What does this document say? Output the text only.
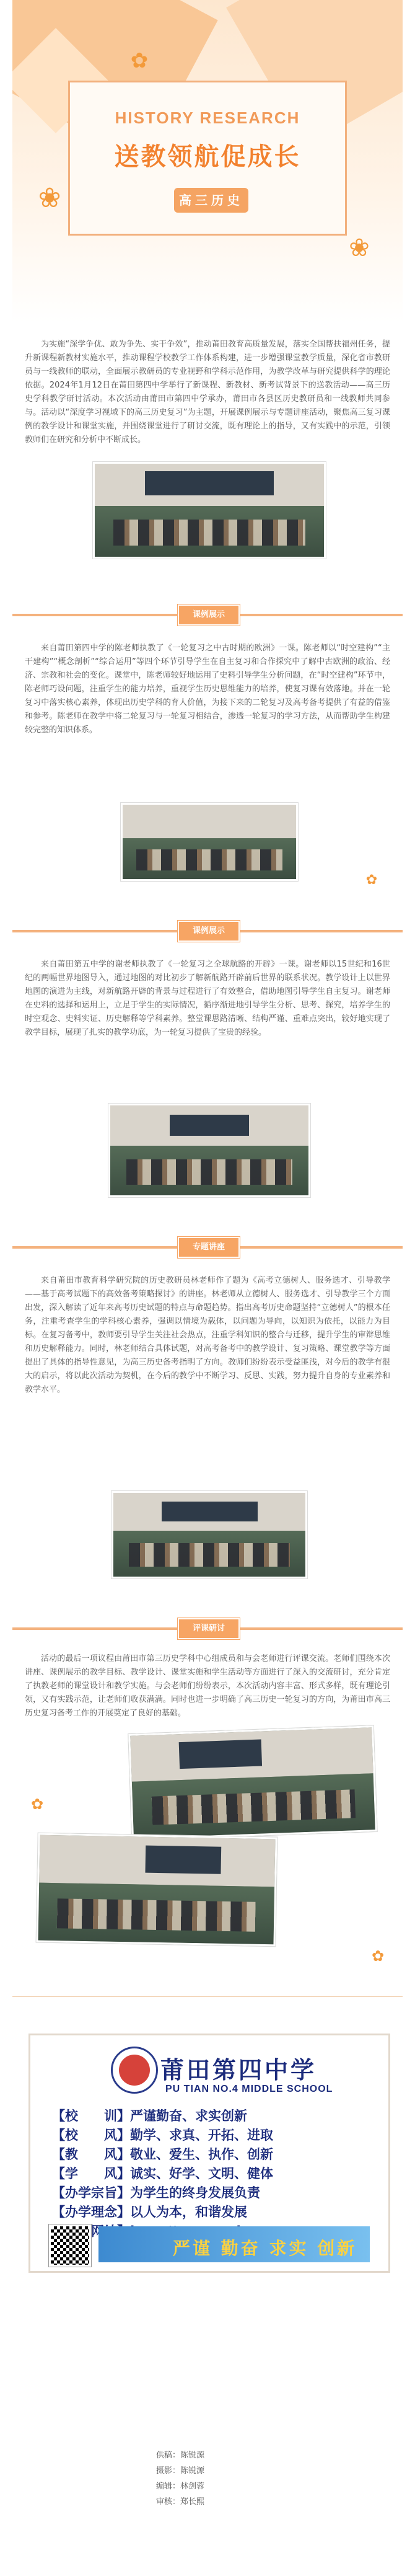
✿
❀
❀
HISTORY RESEARCH
送教领航促成长
高三历史
为实施“深学争优、敢为争先、实干争效”，推动莆田教育高质量发展，落实全国帮扶福州任务，提升新课程新教材实施水平，推动课程学校教学工作体系构建，进一步增强课堂教学质量，深化省市教研员与一线教师的联动，全面展示教研员的专业视野和学科示范作用，为教学改革与研究提供科学的理论依据。2024年1月12日在莆田第四中学举行了新课程、新教材、新考试背景下的送教活动——高三历史学科教学研讨活动。本次活动由莆田市第四中学承办，莆田市各县区历史教研员和一线教师共同参与。活动以“深度学习视域下的高三历史复习”为主题，开展课例展示与专题讲座活动，聚焦高三复习课例的教学设计和课堂实施，并围绕课堂进行了研讨交流，既有理论上的指导，又有实践中的示范，引领教师们在研究和分析中不断成长。
课例展示
来自莆田第四中学的陈老师执教了《一轮复习之中古时期的欧洲》一课。陈老师以“时空建构”“主干建构”“概念剖析”“综合运用”等四个环节引导学生在自主复习和合作探究中了解中古欧洲的政治、经济、宗教和社会的变化。课堂中，陈老师较好地运用了史料引导学生分析问题，在“时空建构”环节中，陈老师巧设问题，注重学生的能力培养，重视学生历史思维能力的培养，使复习课有效落地。并在一轮复习中落实核心素养，体现出历史学科的育人价值，为接下来的二轮复习及高考备考提供了有益的借鉴和参考。陈老师在教学中将二轮复习与一轮复习相结合，渗透一轮复习的学习方法，从而帮助学生构建较完整的知识体系。
✿
课例展示
来自莆田第五中学的谢老师执教了《一轮复习之全球航路的开辟》一课。谢老师以15世纪和16世纪的两幅世界地图导入，通过地图的对比初步了解新航路开辟前后世界的联系状况。教学设计上以世界地图的演进为主线，对新航路开辟的背景与过程进行了有效整合，借助地图引导学生自主复习。谢老师在史料的选择和运用上，立足于学生的实际情况，循序渐进地引导学生分析、思考、探究，培养学生的时空观念、史料实证、历史解释等学科素养。整堂课思路清晰、结构严谨、重难点突出，较好地实现了教学目标，展现了扎实的教学功底，为一轮复习提供了宝贵的经验。
专题讲座
来自莆田市教育科学研究院的历史教研员林老师作了题为《高考立德树人、服务选才、引导教学——基于高考试题下的高效备考策略探讨》的讲座。林老师从立德树人、服务选才、引导教学三个方面出发，深入解读了近年来高考历史试题的特点与命题趋势。指出高考历史命题坚持“立德树人”的根本任务，注重考查学生的学科核心素养，强调以情境为载体，以问题为导向，以知识为依托，以能力为目标。在复习备考中，教师要引导学生关注社会热点，注重学科知识的整合与迁移，提升学生的审辩思维和历史解释能力。同时，林老师结合具体试题，对高考备考中的教学设计、复习策略、课堂教学等方面提出了具体的指导性意见，为高三历史备考指明了方向。教师们纷纷表示受益匪浅，对今后的教学有很大的启示，将以此次活动为契机，在今后的教学中不断学习、反思、实践，努力提升自身的专业素养和教学水平。
评课研讨
活动的最后一项议程由莆田市第三历史学科中心组成员和与会老师进行评课交流。老师们围绕本次讲座、课例展示的教学目标、教学设计、课堂实施和学生活动等方面进行了深入的交流研讨，充分肯定了执教老师的课堂设计和教学实施。与会老师们纷纷表示，本次活动内容丰富、形式多样，既有理论引领，又有实践示范，让老师们收获满满。同时也进一步明确了高三历史一轮复习的方向，为莆田市高三历史复习备考工作的开展奠定了良好的基础。
✿
✿
莆田第四中学
PU TIAN NO.4 MIDDLE SCHOOL
【校　　训】严谨勤奋、求实创新
【校　　风】勤学、求真、开拓、进取
【教　　风】敬业、爱生、执作、创新
【学　　风】诚实、好学、文明、健体
【办学宗旨】为学生的终身发展负责
【办学理念】以人为本，和谐发展
严谨 勤奋 求实 创新
供稿：陈锐源
摄影：陈锐源
编辑：林剑蓉
审核：郑长熙
